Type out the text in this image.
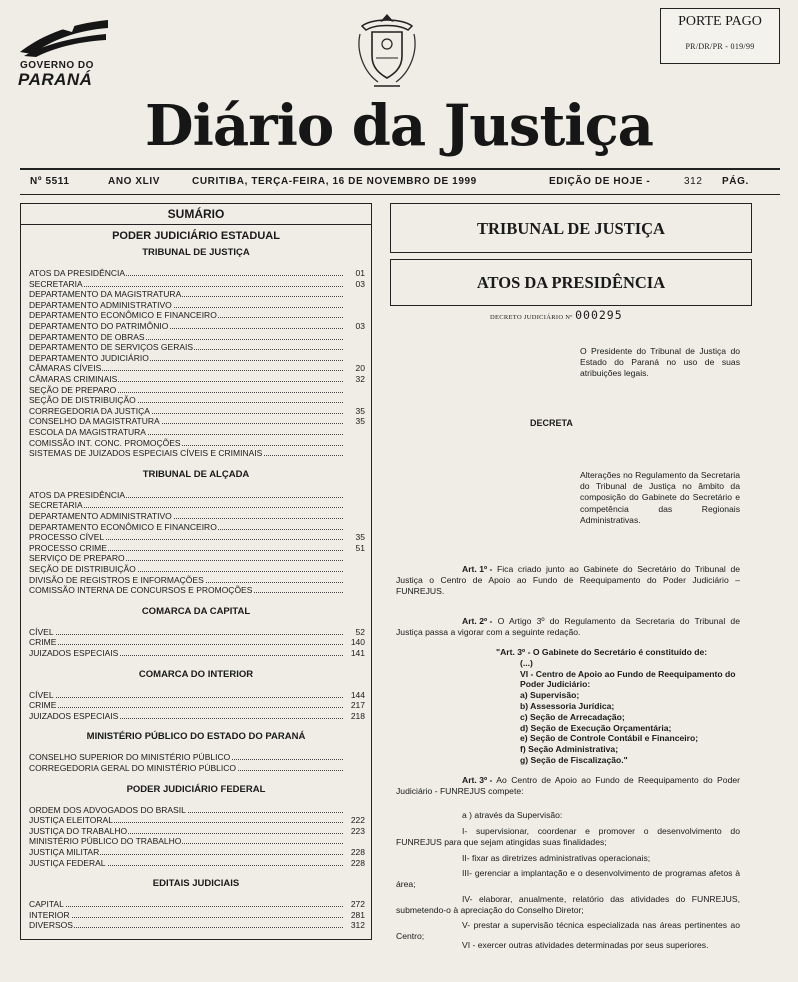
GOVERNO DO
PARANÁ
PORTE PAGO
PR/DR/PR - 019/99
Diário da Justiça
Nº 5511	ANO XLIV	CURITIBA, TERÇA-FEIRA, 16 DE NOVEMBRO DE 1999	EDIÇÃO DE HOJE -	312 PÁG.
SUMÁRIO
PODER JUDICIÁRIO ESTADUAL
TRIBUNAL DE JUSTIÇA
ATOS DA PRESIDÊNCIA	01
SECRETARIA	03
DEPARTAMENTO DA MAGISTRATURA
DEPARTAMENTO ADMINISTRATIVO
DEPARTAMENTO ECONÔMICO E FINANCEIRO
DEPARTAMENTO DO PATRIMÔNIO	03
DEPARTAMENTO DE OBRAS
DEPARTAMENTO DE SERVIÇOS GERAIS
DEPARTAMENTO JUDICIÁRIO
CÂMARAS CÍVEIS	20
CÂMARAS CRIMINAIS	32
SEÇÃO DE PREPARO
SEÇÃO DE DISTRIBUIÇÃO
CORREGEDORIA DA JUSTIÇA	35
CONSELHO DA MAGISTRATURA	35
ESCOLA DA MAGISTRATURA
COMISSÃO INT. CONC. PROMOÇÕES
SISTEMAS DE JUIZADOS ESPECIAIS CÍVEIS E CRIMINAIS
TRIBUNAL DE ALÇADA
ATOS DA PRESIDÊNCIA
SECRETARIA
DEPARTAMENTO ADMINISTRATIVO
DEPARTAMENTO ECONÔMICO E FINANCEIRO
PROCESSO CÍVEL	35
PROCESSO CRIME	51
SERVIÇO DE PREPARO
SEÇÃO DE DISTRIBUIÇÃO
DIVISÃO DE REGISTROS E INFORMAÇÕES
COMISSÃO INTERNA DE CONCURSOS E PROMOÇÕES
COMARCA DA CAPITAL
CÍVEL	52
CRIME	140
JUIZADOS ESPECIAIS	141
COMARCA DO INTERIOR
CÍVEL	144
CRIME	217
JUIZADOS ESPECIAIS	218
MINISTÉRIO PÚBLICO DO ESTADO DO PARANÁ
CONSELHO SUPERIOR DO MINISTÉRIO PÚBLICO
CORREGEDORIA GERAL DO MINISTÉRIO PÚBLICO
PODER JUDICIÁRIO FEDERAL
ORDEM DOS ADVOGADOS DO BRASIL
JUSTIÇA ELEITORAL	222
JUSTIÇA DO TRABALHO	223
MINISTÉRIO PÚBLICO DO TRABALHO
JUSTIÇA MILITAR	228
JUSTIÇA FEDERAL	228
EDITAIS JUDICIAIS
CAPITAL	272
INTERIOR	281
DIVERSOS	312
TRIBUNAL DE JUSTIÇA
ATOS DA PRESIDÊNCIA
DECRETO JUDICIÁRIO Nº 000295
O Presidente do Tribunal de Justiça do Estado do Paraná no uso de suas atribuições legais.
DECRETA
Alterações no Regulamento da Secretaria do Tribunal de Justiça no âmbito da composição do Gabinete do Secretário e competência das Regionais Administrativas.
Art. 1º - Fica criado junto ao Gabinete do Secretário do Tribunal de Justiça o Centro de Apoio ao Fundo de Reequipamento do Poder Judiciário – FUNREJUS.
Art. 2º - O Artigo 3º do Regulamento da Secretaria do Tribunal de Justiça passa a vigorar com a seguinte redação.
"Art. 3º - O Gabinete do Secretário é constituído de:
(...)
VI - Centro de Apoio ao Fundo de Reequipamento do
Poder Judiciário:
a) Supervisão;
b) Assessoria Jurídica;
c) Seção de Arrecadação;
d) Seção de Execução Orçamentária;
e) Seção de Controle Contábil e Financeiro;
f) Seção Administrativa;
g) Seção de Fiscalização."
Art. 3º - Ao Centro de Apoio ao Fundo de Reequipamento do Poder Judiciário - FUNREJUS compete:
a ) através da Supervisão:
I- supervisionar, coordenar e promover o desenvolvimento do FUNREJUS para que sejam atingidas suas finalidades;
II- fixar as diretrizes administrativas operacionais;
III- gerenciar a implantação e o desenvolvimento de programas afetos à área;
IV- elaborar, anualmente, relatório das atividades do FUNREJUS, submetendo-o à apreciação do Conselho Diretor;
V- prestar a supervisão técnica especializada nas áreas pertinentes ao Centro;
VI - exercer outras atividades determinadas por seus superiores.
